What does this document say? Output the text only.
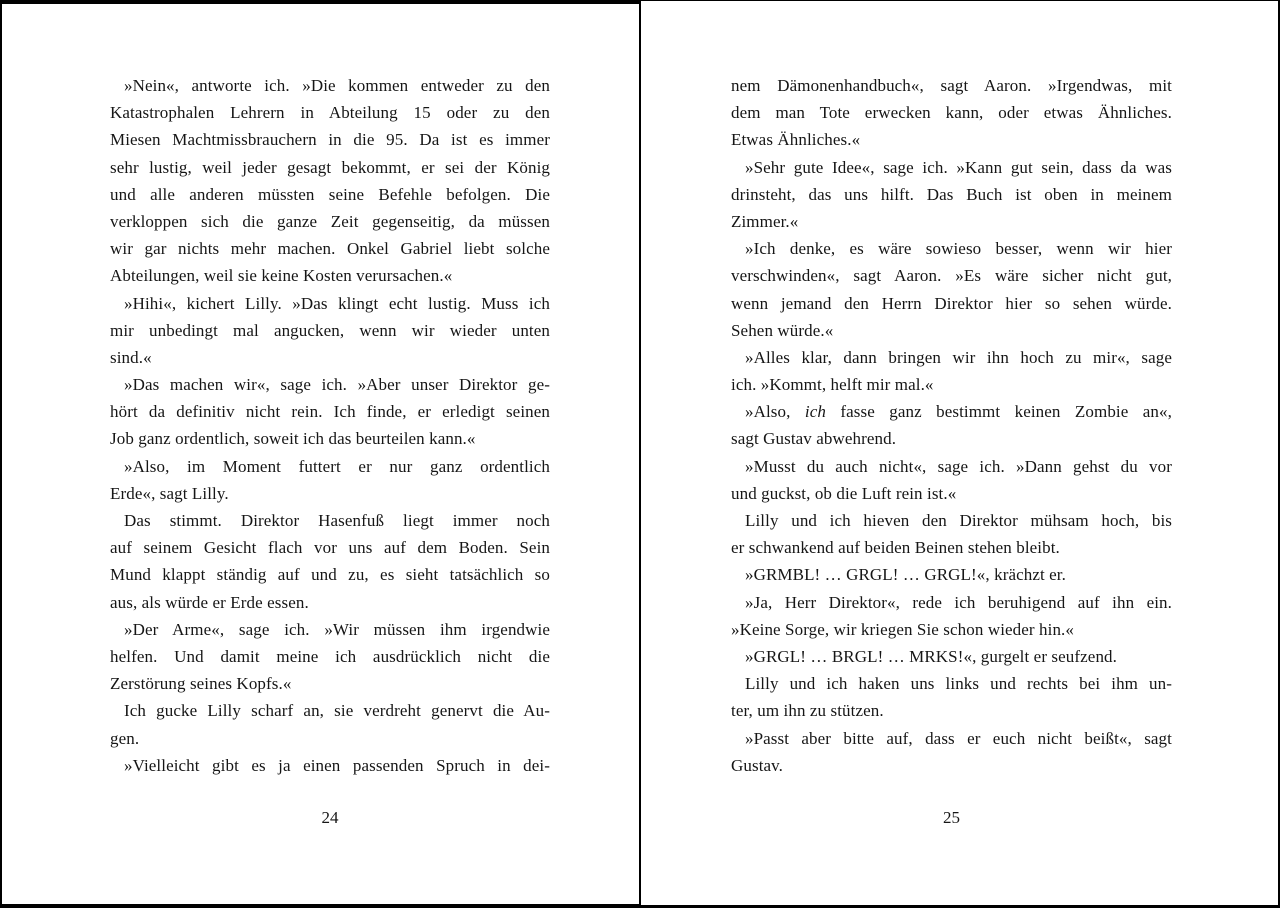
»Nein«, antworte ich. »Die kommen entweder zu den
Katastrophalen Lehrern in Abteilung 15 oder zu den
Miesen Machtmissbrauchern in die 95. Da ist es immer
sehr lustig, weil jeder gesagt bekommt, er sei der König
und alle anderen müssten seine Befehle befolgen. Die
verkloppen sich die ganze Zeit gegenseitig, da müssen
wir gar nichts mehr machen. Onkel Gabriel liebt solche
Abteilungen, weil sie keine Kosten verursachen.«
»Hihi«, kichert Lilly. »Das klingt echt lustig. Muss ich
mir unbedingt mal angucken, wenn wir wieder unten
sind.«
»Das machen wir«, sage ich. »Aber unser Direktor ge-
hört da definitiv nicht rein. Ich finde, er erledigt seinen
Job ganz ordentlich, soweit ich das beurteilen kann.«
»Also, im Moment futtert er nur ganz ordentlich
Erde«, sagt Lilly.
Das stimmt. Direktor Hasenfuß liegt immer noch
auf seinem Gesicht flach vor uns auf dem Boden. Sein
Mund klappt ständig auf und zu, es sieht tatsächlich so
aus, als würde er Erde essen.
»Der Arme«, sage ich. »Wir müssen ihm irgendwie
helfen. Und damit meine ich ausdrücklich nicht die
Zerstörung seines Kopfs.«
Ich gucke Lilly scharf an, sie verdreht genervt die Au-
gen.
»Vielleicht gibt es ja einen passenden Spruch in dei-
nem Dämonenhandbuch«, sagt Aaron. »Irgendwas, mit
dem man Tote erwecken kann, oder etwas Ähnliches.
Etwas Ähnliches.«
»Sehr gute Idee«, sage ich. »Kann gut sein, dass da was
drinsteht, das uns hilft. Das Buch ist oben in meinem
Zimmer.«
»Ich denke, es wäre sowieso besser, wenn wir hier
verschwinden«, sagt Aaron. »Es wäre sicher nicht gut,
wenn jemand den Herrn Direktor hier so sehen würde.
Sehen würde.«
»Alles klar, dann bringen wir ihn hoch zu mir«, sage
ich. »Kommt, helft mir mal.«
»Also, ich fasse ganz bestimmt keinen Zombie an«,
sagt Gustav abwehrend.
»Musst du auch nicht«, sage ich. »Dann gehst du vor
und guckst, ob die Luft rein ist.«
Lilly und ich hieven den Direktor mühsam hoch, bis
er schwankend auf beiden Beinen stehen bleibt.
»GRMBL! … GRGL! … GRGL!«, krächzt er.
»Ja, Herr Direktor«, rede ich beruhigend auf ihn ein.
»Keine Sorge, wir kriegen Sie schon wieder hin.«
»GRGL! … BRGL! … MRKS!«, gurgelt er seufzend.
Lilly und ich haken uns links und rechts bei ihm un-
ter, um ihn zu stützen.
»Passt aber bitte auf, dass er euch nicht beißt«, sagt
Gustav.
24	25
